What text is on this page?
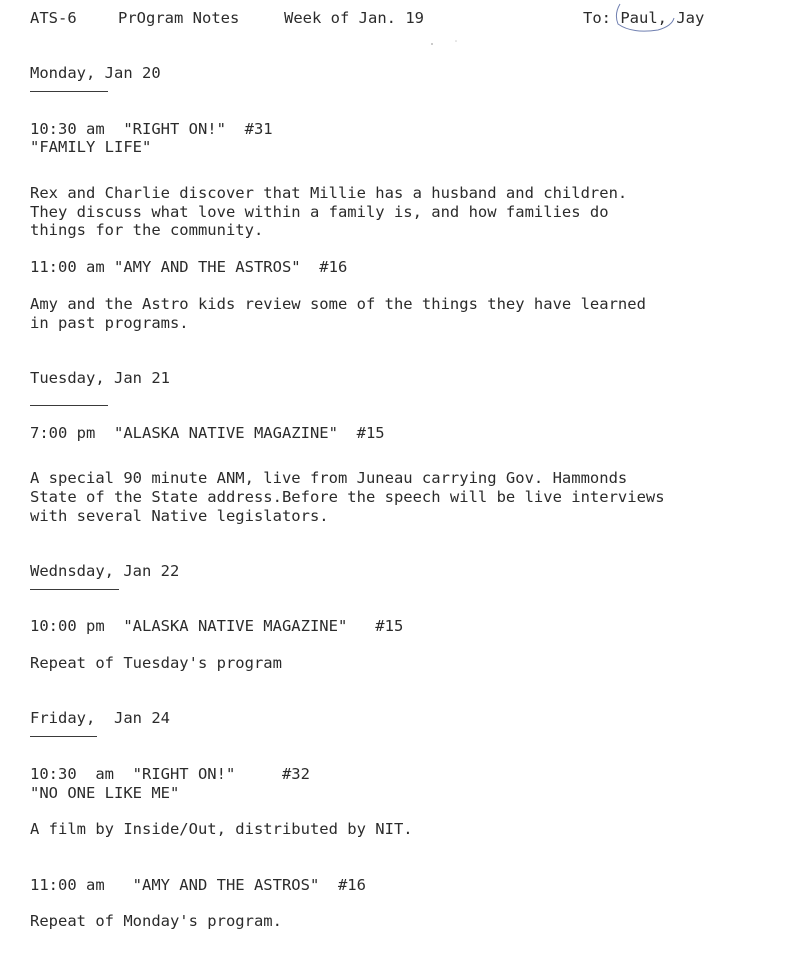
ATS-6	PrOgram Notes	Week of Jan. 19	To: Paul, Jay
Monday, Jan 20
10:30 am  "RIGHT ON!"  #31
"FAMILY LIFE"
Rex and Charlie discover that Millie has a husband and children.
They discuss what love within a family is, and how families do
things for the community.
11:00 am "AMY AND THE ASTROS"  #16
Amy and the Astro kids review some of the things they have learned
in past programs.
Tuesday, Jan 21
7:00 pm  "ALASKA NATIVE MAGAZINE"  #15
A special 90 minute ANM, live from Juneau carrying Gov. Hammonds
State of the State address.Before the speech will be live interviews
with several Native legislators.
Wednsday, Jan 22
10:00 pm  "ALASKA NATIVE MAGAZINE"   #15
Repeat of Tuesday's program
Friday,  Jan 24
10:30  am  "RIGHT ON!"     #32
"NO ONE LIKE ME"
A film by Inside/Out, distributed by NIT.
11:00 am   "AMY AND THE ASTROS"  #16
Repeat of Monday's program.
